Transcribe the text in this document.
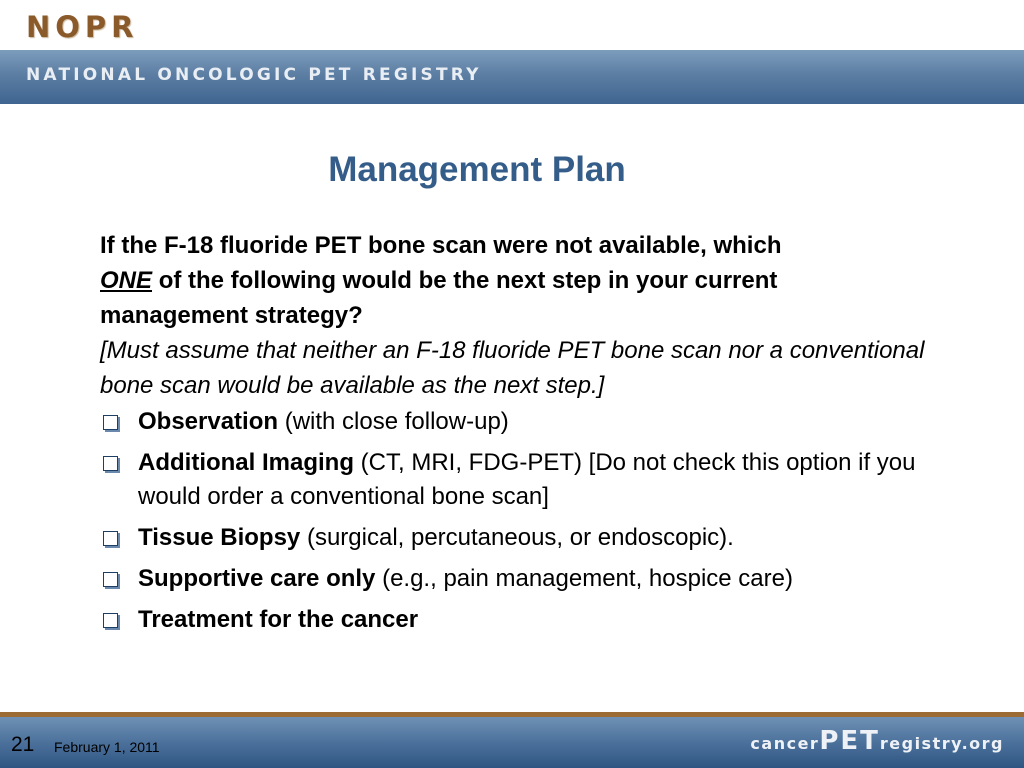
NOPR
NATIONAL ONCOLOGIC PET REGISTRY
Management Plan
If the F-18 fluoride PET bone scan were not available, which
ONE of the following would be the next step in your current management strategy?
[Must assume that neither an F-18 fluoride PET bone scan nor a conventional bone scan would be available as the next step.]
Observation (with close follow-up)
Additional Imaging (CT, MRI, FDG-PET) [Do not check this option if you would order a conventional bone scan]
Tissue Biopsy (surgical, percutaneous, or endoscopic).
Supportive care only (e.g., pain management, hospice care)
Treatment for the cancer
21 February 1, 2011	cancerPETregistry.org
